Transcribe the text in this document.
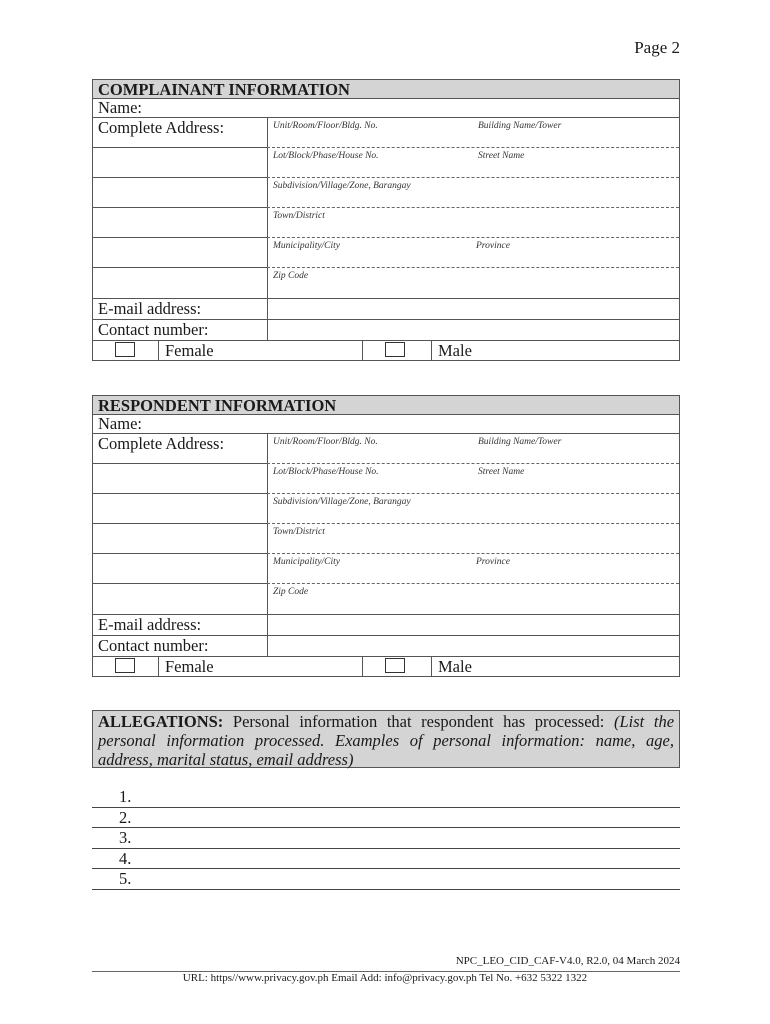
Page 2
COMPLAINANT INFORMATION
Name:
Complete Address:	Unit/Room/Floor/Bldg. No.	Building Name/Tower
Lot/Block/Phase/House No.	Street Name
Subdivision/Village/Zone, Barangay
Town/District
Municipality/City	Province
Zip Code
E-mail address:
Contact number:
Female	Male
RESPONDENT INFORMATION
Name:
Complete Address:	Unit/Room/Floor/Bldg. No.	Building Name/Tower
Lot/Block/Phase/House No.	Street Name
Subdivision/Village/Zone, Barangay
Town/District
Municipality/City	Province
Zip Code
E-mail address:
Contact number:
Female	Male
ALLEGATIONS: Personal information that respondent has processed: (List the personal information processed. Examples of personal information: name, age, address, marital status, email address)
1.
2.
3.
4.
5.
NPC_LEO_CID_CAF-V4.0, R2.0, 04 March 2024
URL: https//www.privacy.gov.ph Email Add: info@privacy.gov.ph Tel No. +632 5322 1322
